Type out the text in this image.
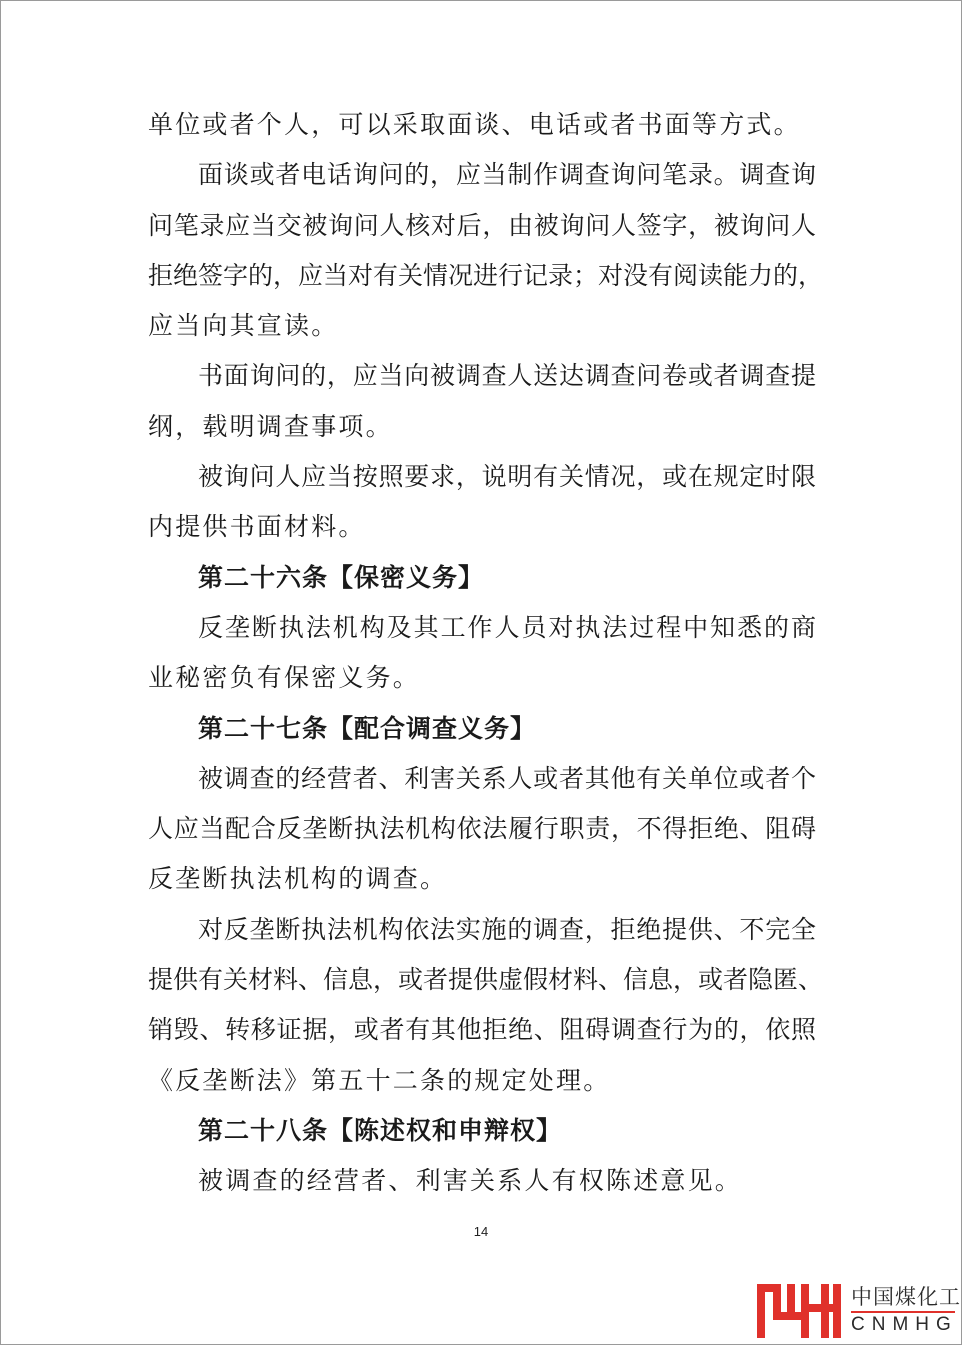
单位或者个人，可以采取面谈、电话或者书面等方式。
面谈或者电话询问的，应当制作调查询问笔录。调查询
问笔录应当交被询问人核对后，由被询问人签字，被询问人
拒绝签字的，应当对有关情况进行记录；对没有阅读能力的，
应当向其宣读。
书面询问的，应当向被调查人送达调查问卷或者调查提
纲，载明调查事项。
被询问人应当按照要求，说明有关情况，或在规定时限
内提供书面材料。
第二十六条【保密义务】
反垄断执法机构及其工作人员对执法过程中知悉的商
业秘密负有保密义务。
第二十七条【配合调查义务】
被调查的经营者、利害关系人或者其他有关单位或者个
人应当配合反垄断执法机构依法履行职责，不得拒绝、阻碍
反垄断执法机构的调查。
对反垄断执法机构依法实施的调查，拒绝提供、不完全
提供有关材料、信息，或者提供虚假材料、信息，或者隐匿、
销毁、转移证据，或者有其他拒绝、阻碍调查行为的，依照
《反垄断法》第五十二条的规定处理。
第二十八条【陈述权和申辩权】
被调查的经营者、利害关系人有权陈述意见。
14
中国煤化工
CNMHG
